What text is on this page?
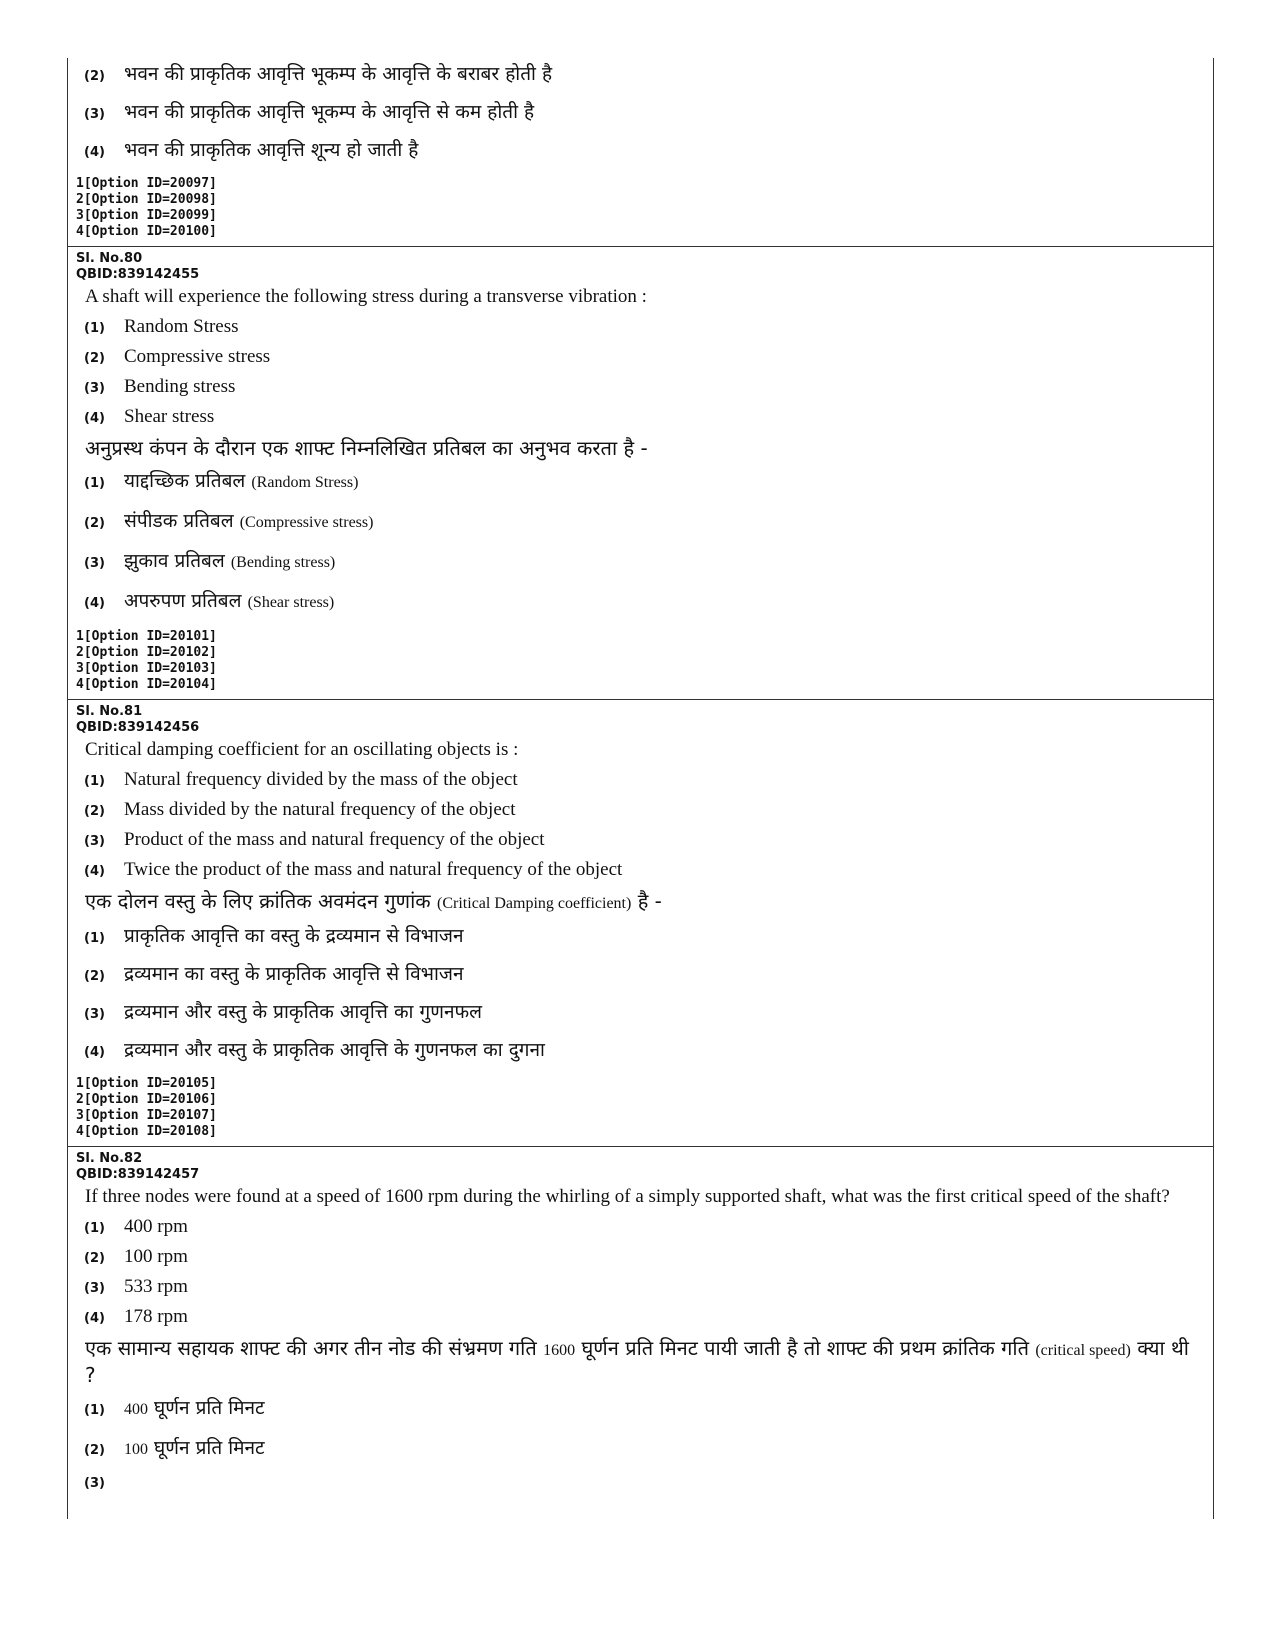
(2)	भवन की प्राकृतिक आवृत्ति भूकम्प के आवृत्ति के बराबर होती है
(3)	भवन की प्राकृतिक आवृत्ति भूकम्प के आवृत्ति से कम होती है
(4)	भवन की प्राकृतिक आवृत्ति शून्य हो जाती है
1[Option ID=20097]
2[Option ID=20098]
3[Option ID=20099]
4[Option ID=20100]
Sl. No.80
QBID:839142455
A shaft will experience the following stress during a transverse vibration :
(1)	Random Stress
(2)	Compressive stress
(3)	Bending stress
(4)	Shear stress
अनुप्रस्थ कंपन के दौरान एक शाफ्ट निम्नलिखित प्रतिबल का अनुभव करता है -
(1)	याद्दच्छिक प्रतिबल (Random Stress)
(2)	संपीडक प्रतिबल (Compressive stress)
(3)	झुकाव प्रतिबल (Bending stress)
(4)	अपरुपण प्रतिबल (Shear stress)
1[Option ID=20101]
2[Option ID=20102]
3[Option ID=20103]
4[Option ID=20104]
Sl. No.81
QBID:839142456
Critical damping coefficient for an oscillating objects is :
(1)	Natural frequency divided by the mass of the object
(2)	Mass divided by the natural frequency of the object
(3)	Product of the mass and natural frequency of the object
(4)	Twice the product of the mass and natural frequency of the object
एक दोलन वस्तु के लिए क्रांतिक अवमंदन गुणांक (Critical Damping coefficient) है -
(1)	प्राकृतिक आवृत्ति का वस्तु के द्रव्यमान से विभाजन
(2)	द्रव्यमान का वस्तु के प्राकृतिक आवृत्ति से विभाजन
(3)	द्रव्यमान और वस्तु के प्राकृतिक आवृत्ति का गुणनफल
(4)	द्रव्यमान और वस्तु के प्राकृतिक आवृत्ति के गुणनफल का दुगना
1[Option ID=20105]
2[Option ID=20106]
3[Option ID=20107]
4[Option ID=20108]
Sl. No.82
QBID:839142457
If three nodes were found at a speed of 1600 rpm during the whirling of a simply supported shaft, what was the first critical speed of the shaft?
(1)	400 rpm
(2)	100 rpm
(3)	533 rpm
(4)	178 rpm
एक सामान्य सहायक शाफ्ट की अगर तीन नोड की संभ्रमण गति 1600 घूर्णन प्रति मिनट पायी जाती है तो शाफ्ट की प्रथम क्रांतिक गति (critical speed) क्या थी ?
(1)	400 घूर्णन प्रति मिनट
(2)	100 घूर्णन प्रति मिनट
(3)
